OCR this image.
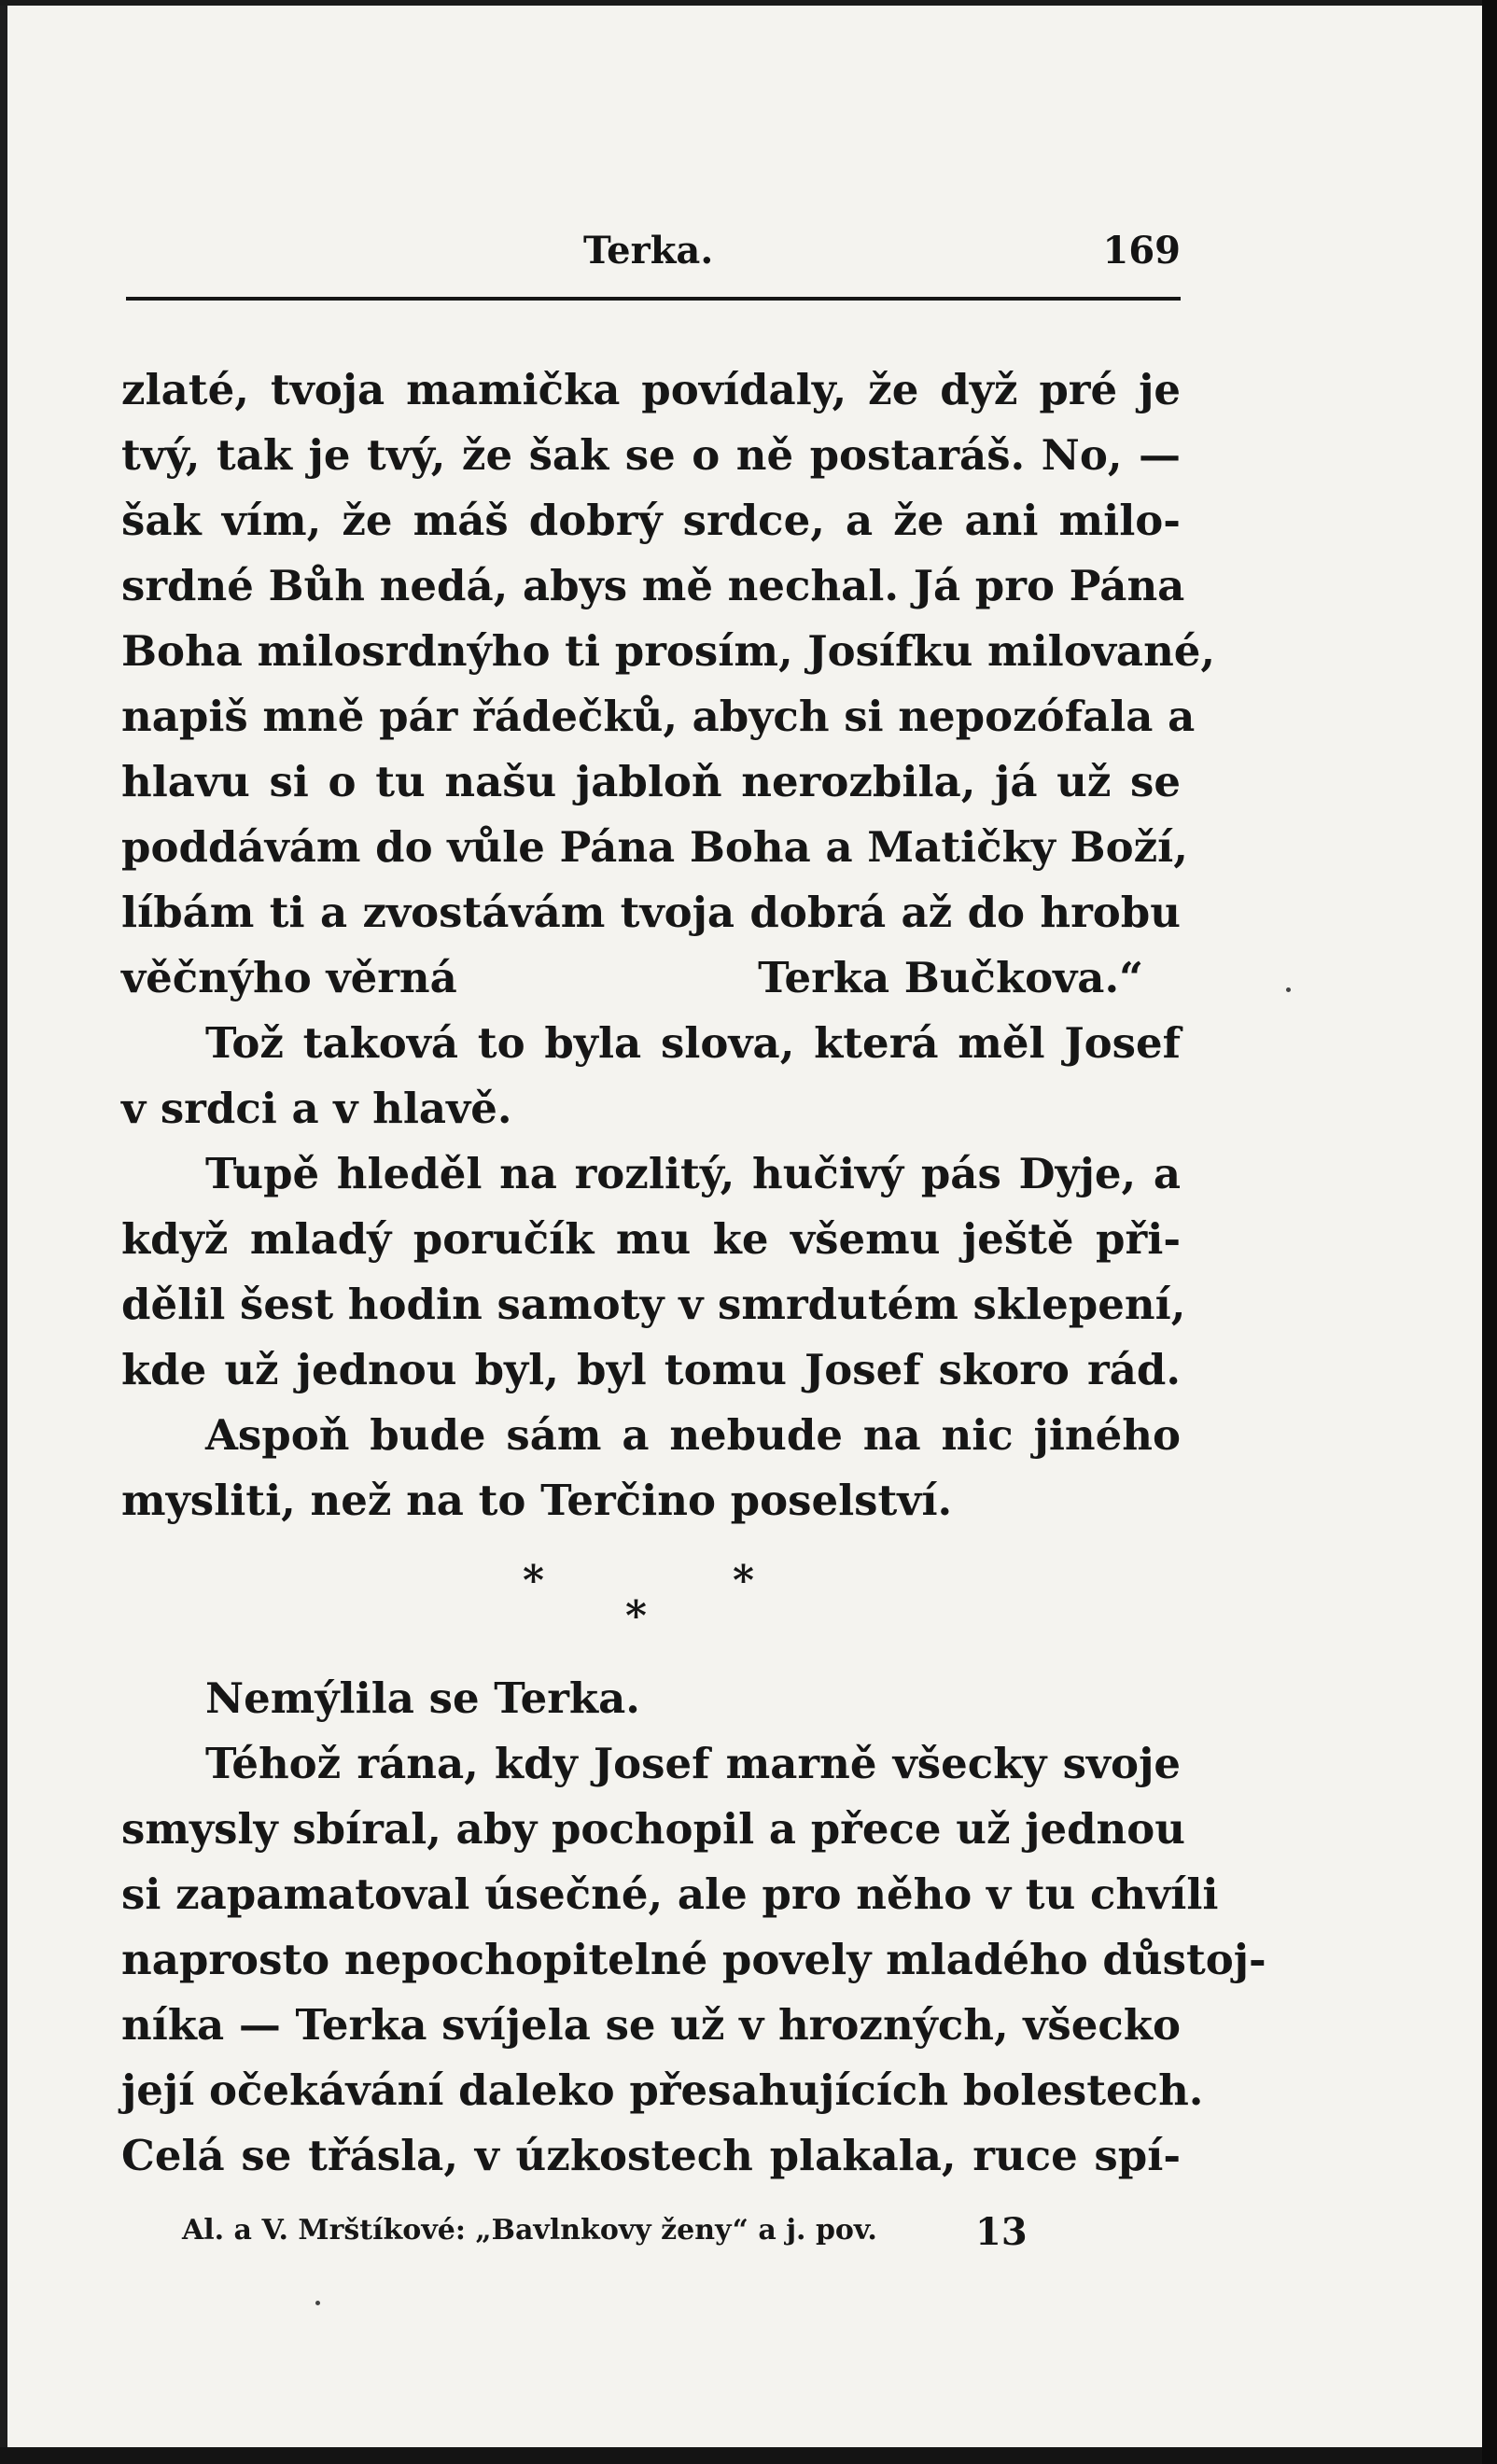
Terka.	169
zlaté, tvoja mamička povídaly, že dyž pré je
tvý, tak je tvý, že šak se o ně postaráš. No, —
šak vím, že máš dobrý srdce, a že ani milo-
srdné Bůh nedá, abys mě nechal. Já pro Pána
Boha milosrdnýho ti prosím, Josífku milované,
napiš mně pár řádečků, abych si nepozófala a
hlavu si o tu našu jabloň nerozbila, já už se
poddávám do vůle Pána Boha a Matičky Boží,
líbám ti a zvostávám tvoja dobrá až do hrobu
věčnýho věrná	Terka Bučkova.“
Tož taková to byla slova, která měl Josef
v srdci a v hlavě.
Tupě hleděl na rozlitý, hučivý pás Dyje, a
když mladý poručík mu ke všemu ještě při-
dělil šest hodin samoty v smrdutém sklepení,
kde už jednou byl, byl tomu Josef skoro rád.
Aspoň bude sám a nebude na nic jiného
mysliti, než na to Terčino poselství.
*
*
*
Nemýlila se Terka.
Téhož rána, kdy Josef marně všecky svoje
smysly sbíral, aby pochopil a přece už jednou
si zapamatoval úsečné, ale pro něho v tu chvíli
naprosto nepochopitelné povely mladého důstoj-
níka — Terka svíjela se už v hrozných, všecko
její očekávání daleko přesahujících bolestech.
Celá se třásla, v úzkostech plakala, ruce spí-
Al. a V. Mrštíkové: „Bavlnkovy ženy“ a j. pov.	13
